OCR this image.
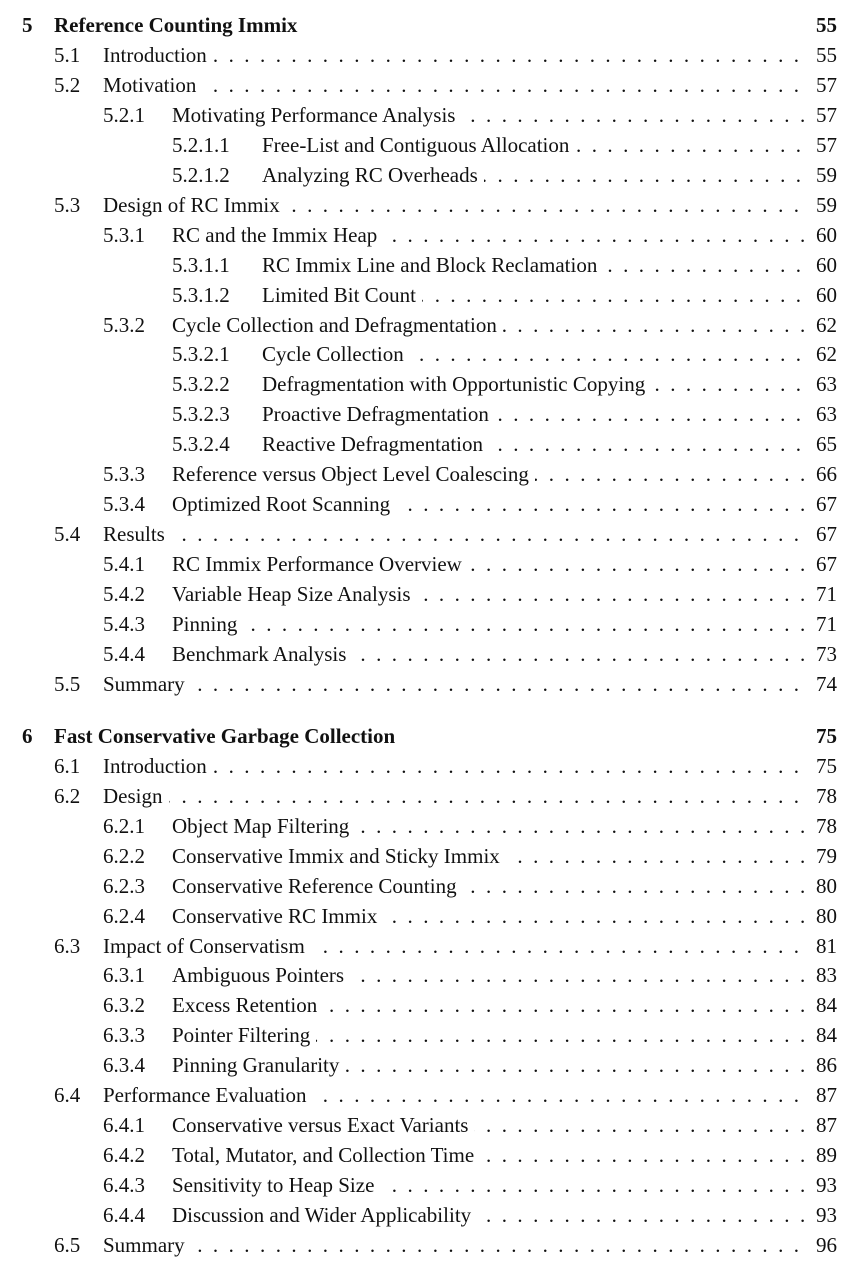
5 Reference Counting Immix	55
5.1 Introduction . . .	55
5.2 Motivation . . .	57
5.2.1 Motivating Performance Analysis . . .	57
5.2.1.1 Free-List and Contiguous Allocation . . .	57
5.2.1.2 Analyzing RC Overheads . . .	59
5.3 Design of RC Immix . . .	59
5.3.1 RC and the Immix Heap . . .	60
5.3.1.1 RC Immix Line and Block Reclamation . . .	60
5.3.1.2 Limited Bit Count . . .	60
5.3.2 Cycle Collection and Defragmentation . . .	62
5.3.2.1 Cycle Collection . . .	62
5.3.2.2 Defragmentation with Opportunistic Copying . . .	63
5.3.2.3 Proactive Defragmentation . . .	63
5.3.2.4 Reactive Defragmentation . . .	65
5.3.3 Reference versus Object Level Coalescing . . .	66
5.3.4 Optimized Root Scanning . . .	67
5.4 Results . . .	67
5.4.1 RC Immix Performance Overview . . .	67
5.4.2 Variable Heap Size Analysis . . .	71
5.4.3 Pinning . . .	71
5.4.4 Benchmark Analysis . . .	73
5.5 Summary . . .	74
6 Fast Conservative Garbage Collection	75
6.1 Introduction . . .	75
6.2 Design . . .	78
6.2.1 Object Map Filtering . . .	78
6.2.2 Conservative Immix and Sticky Immix . . .	79
6.2.3 Conservative Reference Counting . . .	80
6.2.4 Conservative RC Immix . . .	80
6.3 Impact of Conservatism . . .	81
6.3.1 Ambiguous Pointers . . .	83
6.3.2 Excess Retention . . .	84
6.3.3 Pointer Filtering . . .	84
6.3.4 Pinning Granularity . . .	86
6.4 Performance Evaluation . . .	87
6.4.1 Conservative versus Exact Variants . . .	87
6.4.2 Total, Mutator, and Collection Time . . .	89
6.4.3 Sensitivity to Heap Size . . .	93
6.4.4 Discussion and Wider Applicability . . .	93
6.5 Summary . . .	96
